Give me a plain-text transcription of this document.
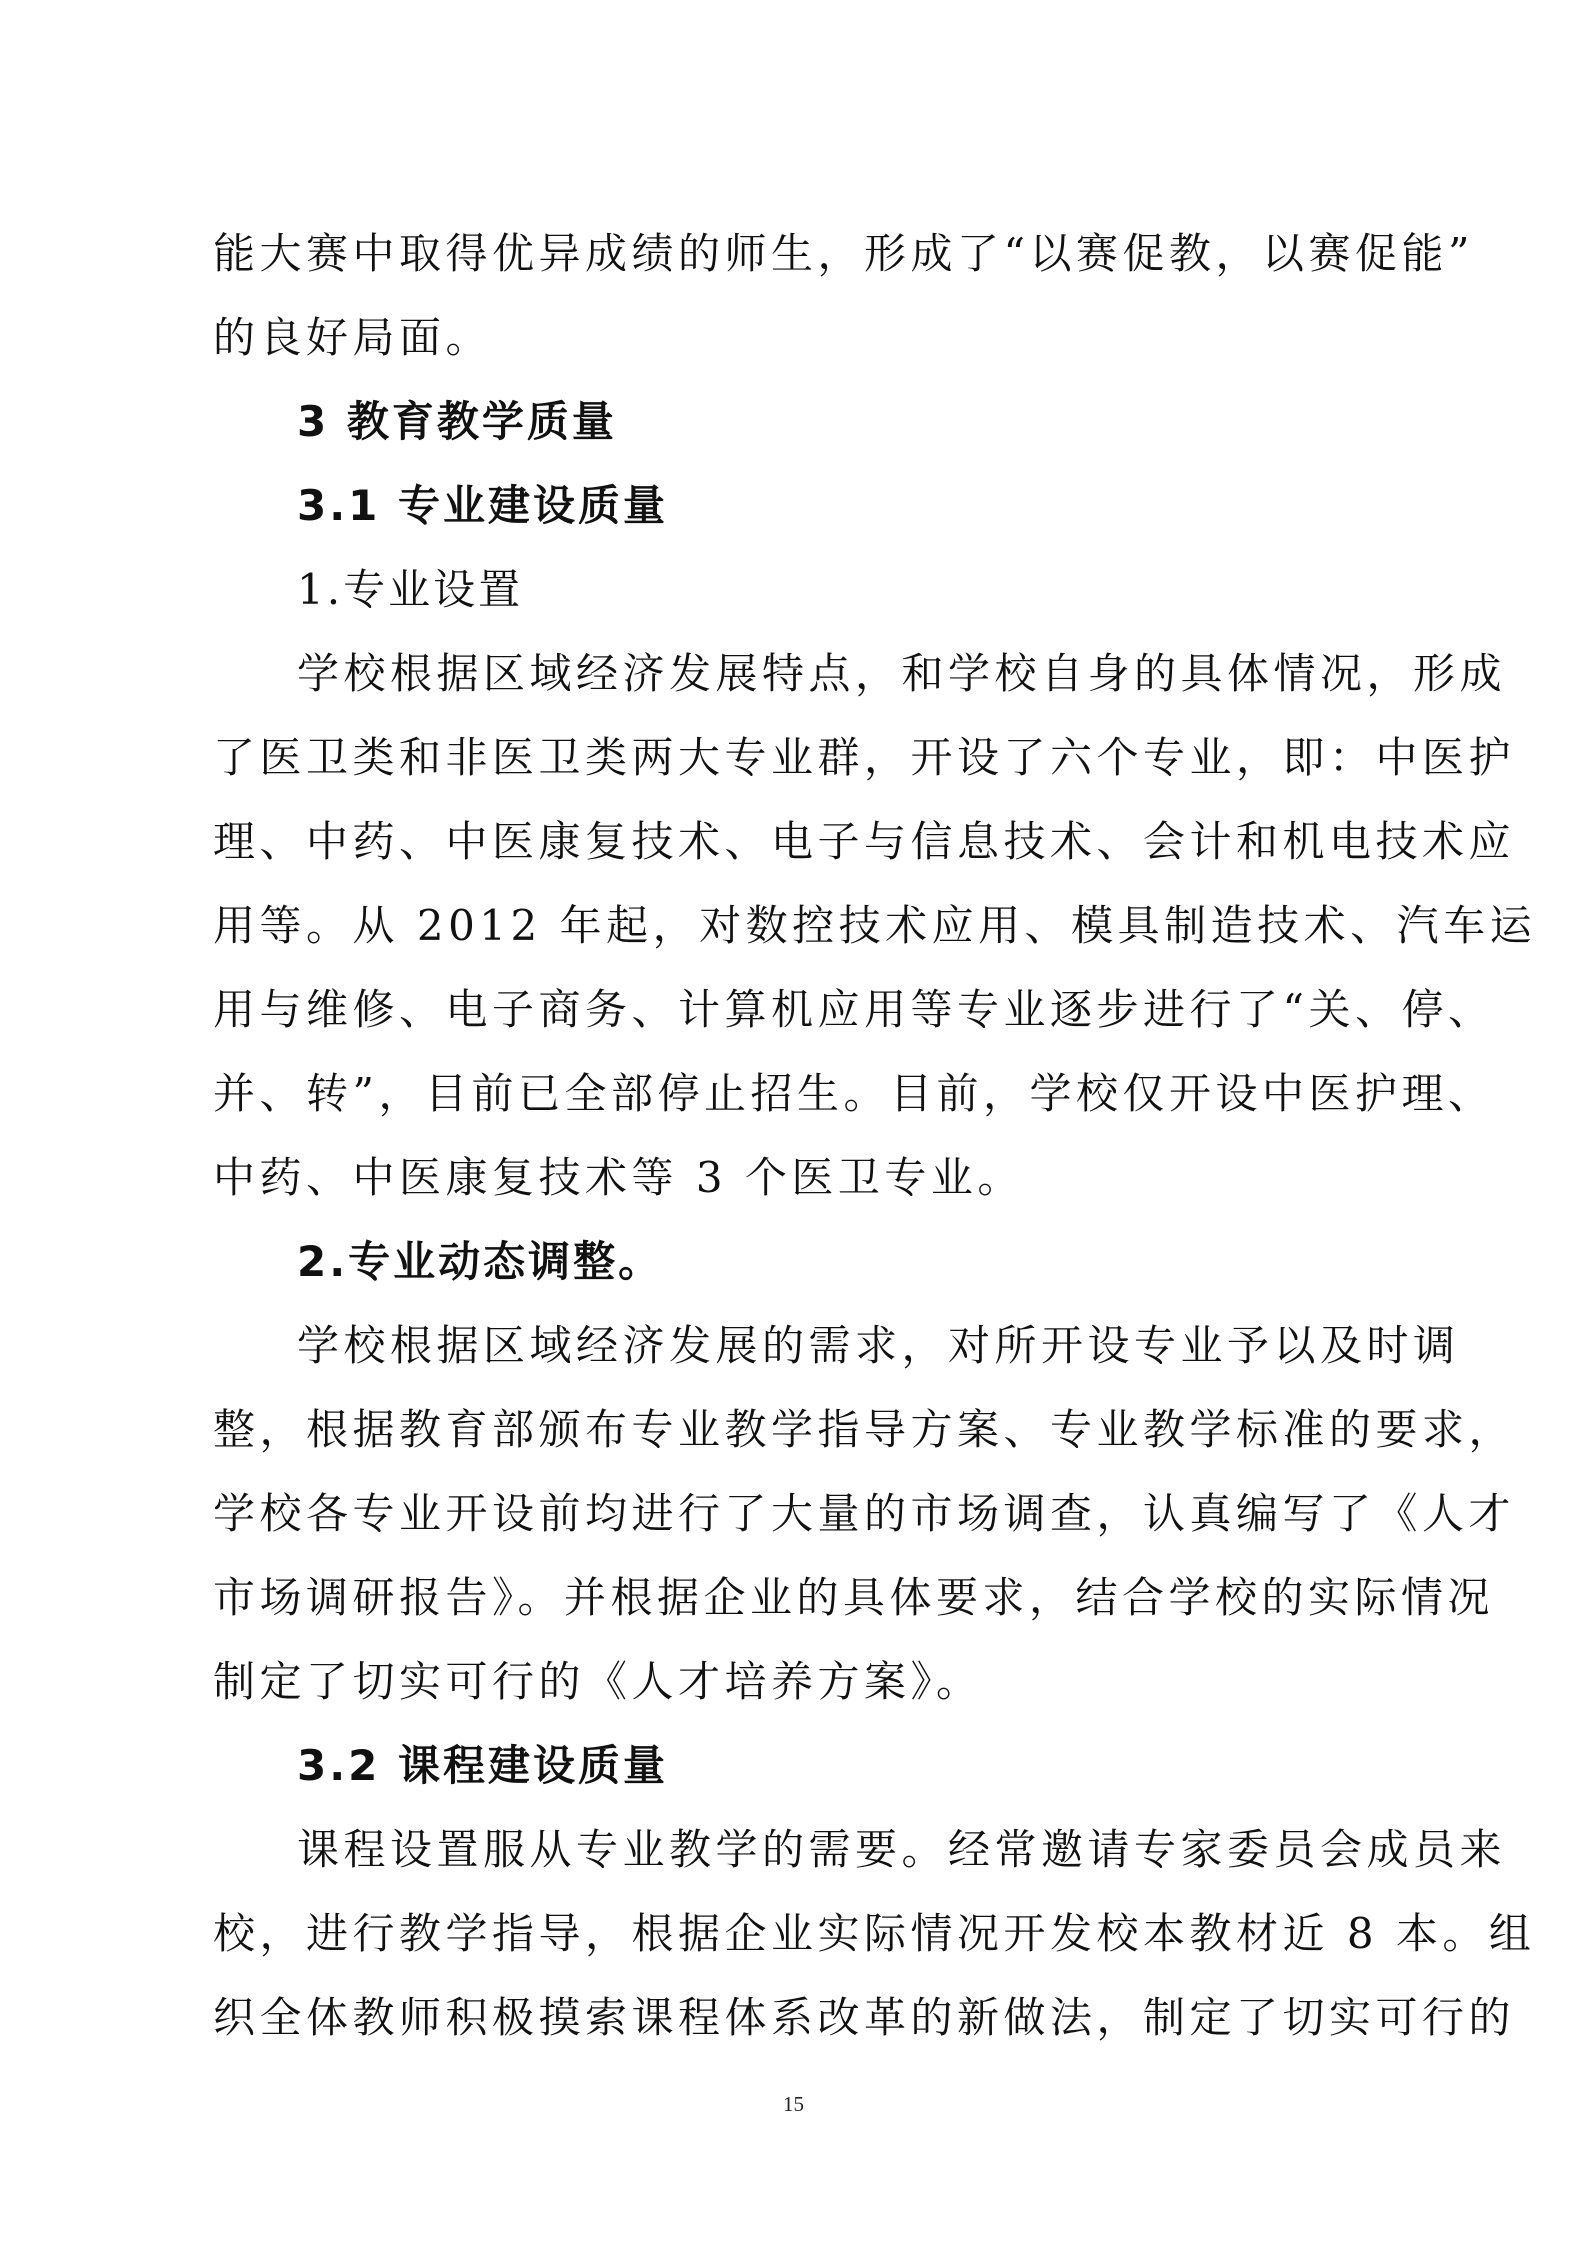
能大赛中取得优异成绩的师生，形成了“以赛促教，以赛促能”
的良好局面。
3 教育教学质量
3.1 专业建设质量
1.专业设置
学校根据区域经济发展特点，和学校自身的具体情况，形成
了医卫类和非医卫类两大专业群，开设了六个专业，即：中医护
理、中药、中医康复技术、电子与信息技术、会计和机电技术应
用等。从 2012 年起，对数控技术应用、模具制造技术、汽车运
用与维修、电子商务、计算机应用等专业逐步进行了“关、停、
并、转”，目前已全部停止招生。目前，学校仅开设中医护理、
中药、中医康复技术等 3 个医卫专业。
2.专业动态调整。
学校根据区域经济发展的需求，对所开设专业予以及时调
整，根据教育部颁布专业教学指导方案、专业教学标准的要求，
学校各专业开设前均进行了大量的市场调查，认真编写了《人才
市场调研报告》。并根据企业的具体要求，结合学校的实际情况
制定了切实可行的《人才培养方案》。
3.2 课程建设质量
课程设置服从专业教学的需要。经常邀请专家委员会成员来
校，进行教学指导，根据企业实际情况开发校本教材近 8 本。组
织全体教师积极摸索课程体系改革的新做法，制定了切实可行的
15
